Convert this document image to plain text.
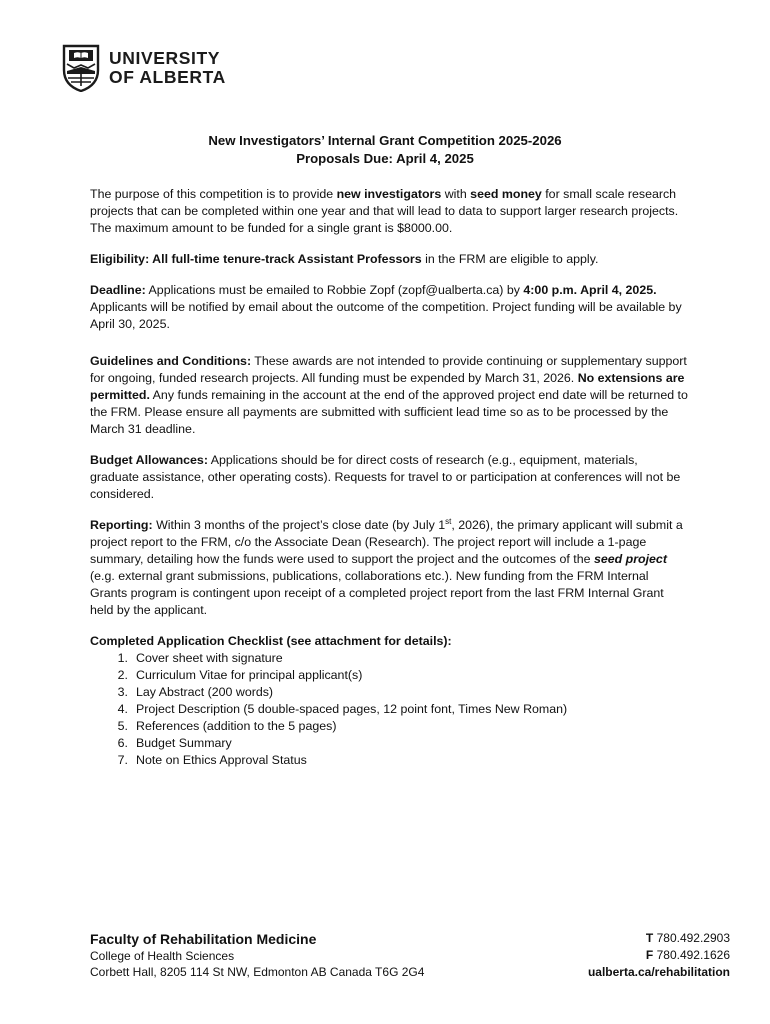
UNIVERSITY
OF ALBERTA
New Investigators’ Internal Grant Competition 2025-2026
Proposals Due: April 4, 2025

The purpose of this competition is to provide new investigators with seed money for small scale research projects that can be completed within one year and that will lead to data to support larger research projects. The maximum amount to be funded for a single grant is $8000.00.

Eligibility: All full-time tenure-track Assistant Professors in the FRM are eligible to apply.

Deadline: Applications must be emailed to Robbie Zopf (zopf@ualberta.ca) by 4:00 p.m. April 4, 2025. Applicants will be notified by email about the outcome of the competition. Project funding will be available by April 30, 2025.

Guidelines and Conditions: These awards are not intended to provide continuing or supplementary support for ongoing, funded research projects. All funding must be expended by March 31, 2026. No extensions are permitted. Any funds remaining in the account at the end of the approved project end date will be returned to the FRM. Please ensure all payments are submitted with sufficient lead time so as to be processed by the March 31 deadline.

Budget Allowances: Applications should be for direct costs of research (e.g., equipment, materials, graduate assistance, other operating costs). Requests for travel to or participation at conferences will not be considered.

Reporting: Within 3 months of the project’s close date (by July 1st, 2026), the primary applicant will submit a project report to the FRM, c/o the Associate Dean (Research). The project report will include a 1-page summary, detailing how the funds were used to support the project and the outcomes of the seed project (e.g. external grant submissions, publications, collaborations etc.). New funding from the FRM Internal Grants program is contingent upon receipt of a completed project report from the last FRM Internal Grant held by the applicant.

Completed Application Checklist (see attachment for details):

1. Cover sheet with signature
2. Curriculum Vitae for principal applicant(s)
3. Lay Abstract (200 words)
4. Project Description (5 double-spaced pages, 12 point font, Times New Roman)
5. References (addition to the 5 pages)
6. Budget Summary
7. Note on Ethics Approval Status
Faculty of Rehabilitation Medicine
College of Health Sciences
Corbett Hall, 8205 114 St NW, Edmonton AB Canada T6G 2G4
T 780.492.2903
F 780.492.1626
ualberta.ca/rehabilitation
